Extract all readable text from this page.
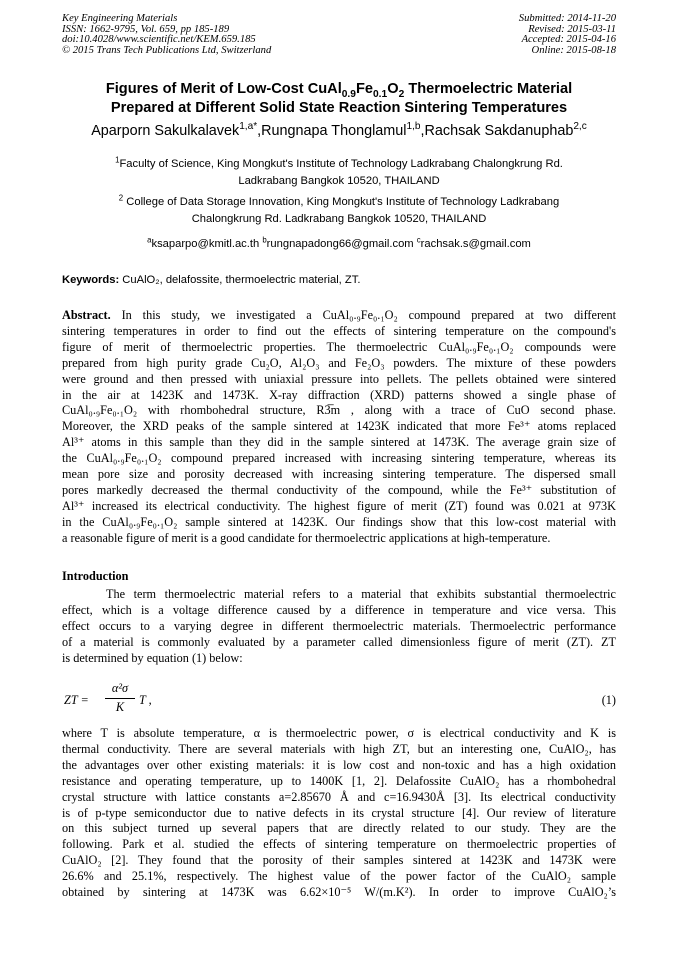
Key Engineering Materials
ISSN: 1662-9795, Vol. 659, pp 185-189
doi:10.4028/www.scientific.net/KEM.659.185
© 2015 Trans Tech Publications Ltd, Switzerland
Submitted: 2014-11-20
Revised: 2015-03-11
Accepted: 2015-04-16
Online: 2015-08-18
Figures of Merit of Low-Cost $CuAl_{0.9}Fe_{0.1}O_2$ Thermoelectric Material
Prepared at Different Solid State Reaction Sintering Temperatures
Aparporn Sakulkalavek$^{1,a*}$,Rungnapa Thonglamul$^{1,b}$,Rachsak Sakdanuphab$^{2,c}$
$^1$Faculty of Science, King Mongkut's Institute of Technology Ladkrabang Chalongkrung Rd.
Ladkrabang Bangkok 10520, THAILAND
$^2$ College of Data Storage Innovation, King Mongkut's Institute of Technology Ladkrabang
Chalongkrung Rd. Ladkrabang Bangkok 10520, THAILAND
$^a$ksaparpo@kmitl.ac.th $^b$rungnapadong66@gmail.com $^c$rachsak.s@gmail.com
Keywords: CuAlO₂, delafossite, thermoelectric material, ZT.
Abstract. In this study, we investigated a CuAl₀.₉Fe₀.₁O₂ compound prepared at two different
sintering temperatures in order to find out the effects of sintering temperature on the compound's
figure of merit of thermoelectric properties. The thermoelectric CuAl₀.₉Fe₀.₁O₂ compounds were
prepared from high purity grade Cu₂O, Al₂O₃ and Fe₂O₃ powders. The mixture of these powders
were ground and then pressed with uniaxial pressure into pellets. The pellets obtained were sintered
in the air at 1423K and 1473K. X-ray diffraction (XRD) patterns showed a single phase of
CuAl₀.₉Fe₀.₁O₂ with rhombohedral structure, R3̅m , along with a trace of CuO second phase.
Moreover, the XRD peaks of the sample sintered at 1423K indicated that more Fe³⁺ atoms replaced
Al³⁺ atoms in this sample than they did in the sample sintered at 1473K. The average grain size of
the CuAl₀.₉Fe₀.₁O₂ compound prepared increased with increasing sintering temperature, whereas its
mean pore size and porosity decreased with increasing sintering temperature. The dispersed small
pores markedly decreased the thermal conductivity of the compound, while the Fe³⁺ substitution of
Al³⁺ increased its electrical conductivity. The highest figure of merit (ZT) found was 0.021 at 973K
in the CuAl₀.₉Fe₀.₁O₂ sample sintered at 1423K. Our findings show that this low-cost material with
a reasonable figure of merit is a good candidate for thermoelectric applications at high-temperature.
Introduction
The term thermoelectric material refers to a material that exhibits substantial thermoelectric
effect, which is a voltage difference caused by a difference in temperature and vice versa. This
effect occurs to a varying degree in different thermoelectric materials. Thermoelectric performance
of a material is commonly evaluated by a parameter called dimensionless figure of merit (ZT). ZT
is determined by equation (1) below:
ZT =
α²σ
K	T ,	(1)
where T is absolute temperature, α is thermoelectric power, σ is electrical conductivity and K is
thermal conductivity. There are several materials with high ZT, but an interesting one, CuAlO₂, has
the advantages over other existing materials: it is low cost and non-toxic and has a high oxidation
resistance and operating temperature, up to 1400K [1, 2]. Delafossite CuAlO₂ has a rhombohedral
crystal structure with lattice constants a=2.85670 Å and c=16.9430Å [3]. Its electrical conductivity
is of p-type semiconductor due to native defects in its crystal structure [4]. Our review of literature
on this subject turned up several papers that are directly related to our study. They are the
following. Park et al. studied the effects of sintering temperature on thermoelectric properties of
CuAlO₂ [2]. They found that the porosity of their samples sintered at 1423K and 1473K were
26.6% and 25.1%, respectively. The highest value of the power factor of the CuAlO₂ sample
obtained by sintering at 1473K was 6.62×10⁻⁵ W/(m.K²). In order to improve CuAlO₂’s
